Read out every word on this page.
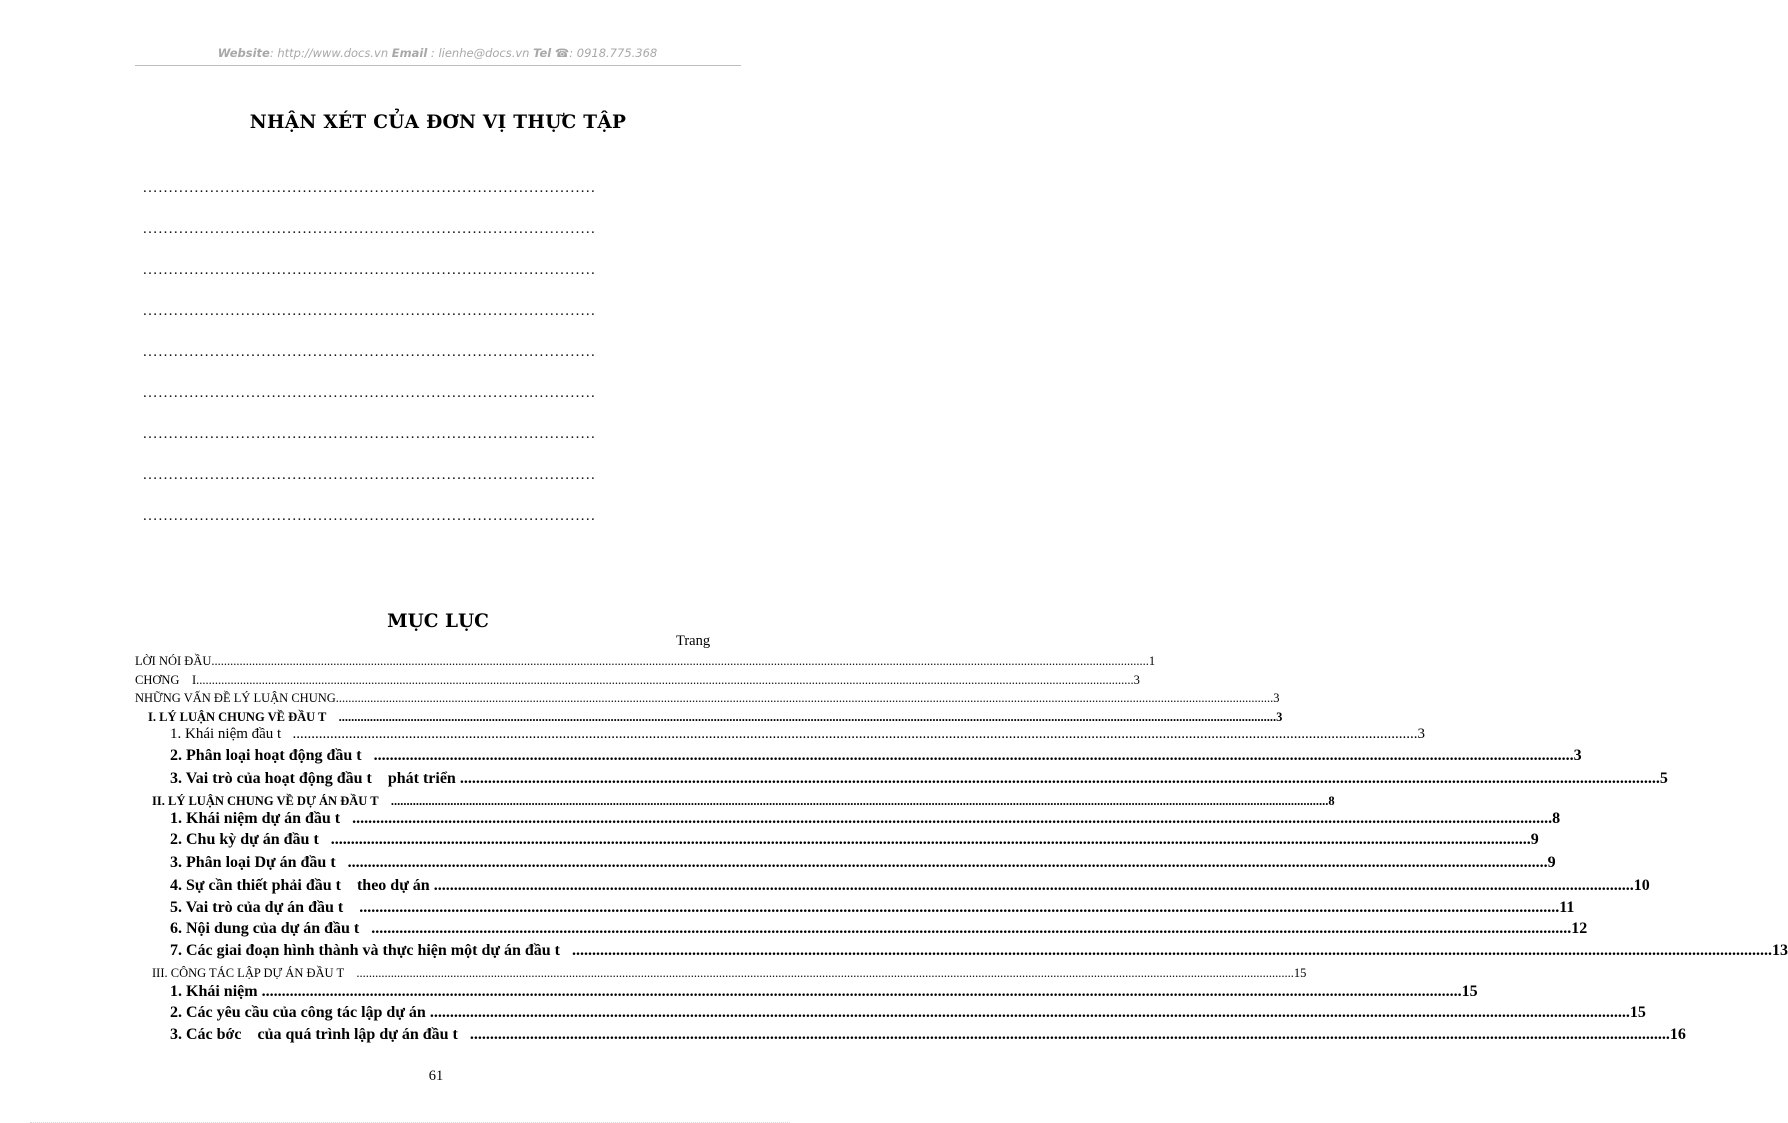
Website: http://www.docs.vn Email : lienhe@docs.vn Tel ☎: 0918.775.368
NHẬN XÉT CỦA ĐƠN VỊ THỰC TẬP
........................................................................................
........................................................................................
........................................................................................
........................................................................................
........................................................................................
........................................................................................
........................................................................................
........................................................................................
........................................................................................
MỤC LỤC
Trang
LỜI NÓI ĐẦU ............................................................................................................................................................................................................................................................................................................ 1
CHƠNG    I ............................................................................................................................................................................................................................................................................................................ 3
NHỮNG VẤN ĐỀ LÝ LUẬN CHUNG ............................................................................................................................................................................................................................................................................................................ 3
I. LÝ LUẬN CHUNG VỀ ĐẦU T ............................................................................................................................................................................................................................................................................................................ 3
1. Khái niệm đầu t ............................................................................................................................................................................................................................................................................................................ 3
2. Phân loại hoạt động đầu t ............................................................................................................................................................................................................................................................................................................ 3
3. Vai trò của hoạt động đầu t    phát triển ............................................................................................................................................................................................................................................................................................................ 5
II. LÝ LUẬN CHUNG VỀ DỰ ÁN ĐẦU T ............................................................................................................................................................................................................................................................................................................ 8
1. Khái niệm dự án đầu t ............................................................................................................................................................................................................................................................................................................ 8
2. Chu kỳ dự án đầu t ............................................................................................................................................................................................................................................................................................................ 9
3. Phân loại Dự án đầu t ............................................................................................................................................................................................................................................................................................................ 9
4. Sự cần thiết phải đầu t    theo dự án ............................................................................................................................................................................................................................................................................................................ 10
5. Vai trò của dự án đầu t ............................................................................................................................................................................................................................................................................................................ 11
6. Nội dung của dự án đầu t ............................................................................................................................................................................................................................................................................................................ 12
7. Các giai đoạn hình thành và thực hiện một dự án đầu t ............................................................................................................................................................................................................................................................................................................ 13
III. CÔNG TÁC LẬP DỰ ÁN ĐẦU T ............................................................................................................................................................................................................................................................................................................ 15
1. Khái niệm ............................................................................................................................................................................................................................................................................................................ 15
2. Các yêu cầu của công tác lập dự án ............................................................................................................................................................................................................................................................................................................ 15
3. Các bớc    của quá trình lập dự án đầu t ............................................................................................................................................................................................................................................................................................................ 16
61
